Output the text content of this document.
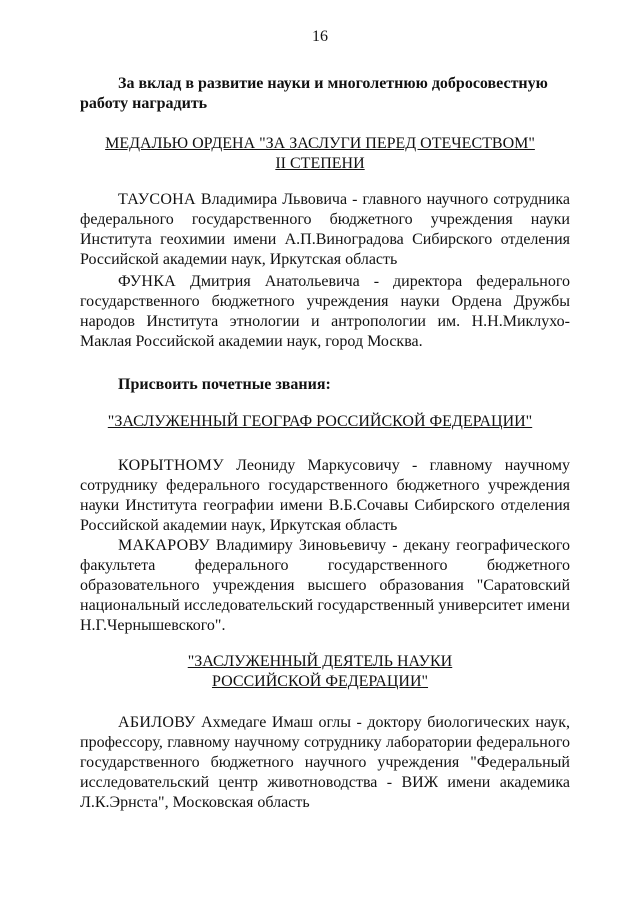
16
За вклад в развитие науки и многолетнюю добросовестную
работу наградить
МЕДАЛЬЮ ОРДЕНА "ЗА ЗАСЛУГИ ПЕРЕД ОТЕЧЕСТВОМ"
II СТЕПЕНИ
ТАУСОНА Владимира Львовича - главного научного сотрудника федерального государственного бюджетного учреждения науки Института геохимии имени А.П.Виноградова Сибирского отделения Российской академии наук, Иркутская область
ФУНКА Дмитрия Анатольевича - директора федерального государственного бюджетного учреждения науки Ордена Дружбы народов Института этнологии и антропологии им. Н.Н.Миклухо-Маклая Российской академии наук, город Москва.
Присвоить почетные звания:
"ЗАСЛУЖЕННЫЙ ГЕОГРАФ РОССИЙСКОЙ ФЕДЕРАЦИИ"
КОРЫТНОМУ Леониду Маркусовичу - главному научному сотруднику федерального государственного бюджетного учреждения науки Института географии имени В.Б.Сочавы Сибирского отделения Российской академии наук, Иркутская область
МАКАРОВУ Владимиру Зиновьевичу - декану географического факультета федерального государственного бюджетного образовательного учреждения высшего образования "Саратовский национальный исследовательский государственный университет имени Н.Г.Чернышевского".
"ЗАСЛУЖЕННЫЙ ДЕЯТЕЛЬ НАУКИ
РОССИЙСКОЙ ФЕДЕРАЦИИ"
АБИЛОВУ Ахмедаге Имаш оглы - доктору биологических наук, профессору, главному научному сотруднику лаборатории федерального государственного бюджетного научного учреждения "Федеральный исследовательский центр животноводства - ВИЖ имени академика Л.К.Эрнста", Московская область
